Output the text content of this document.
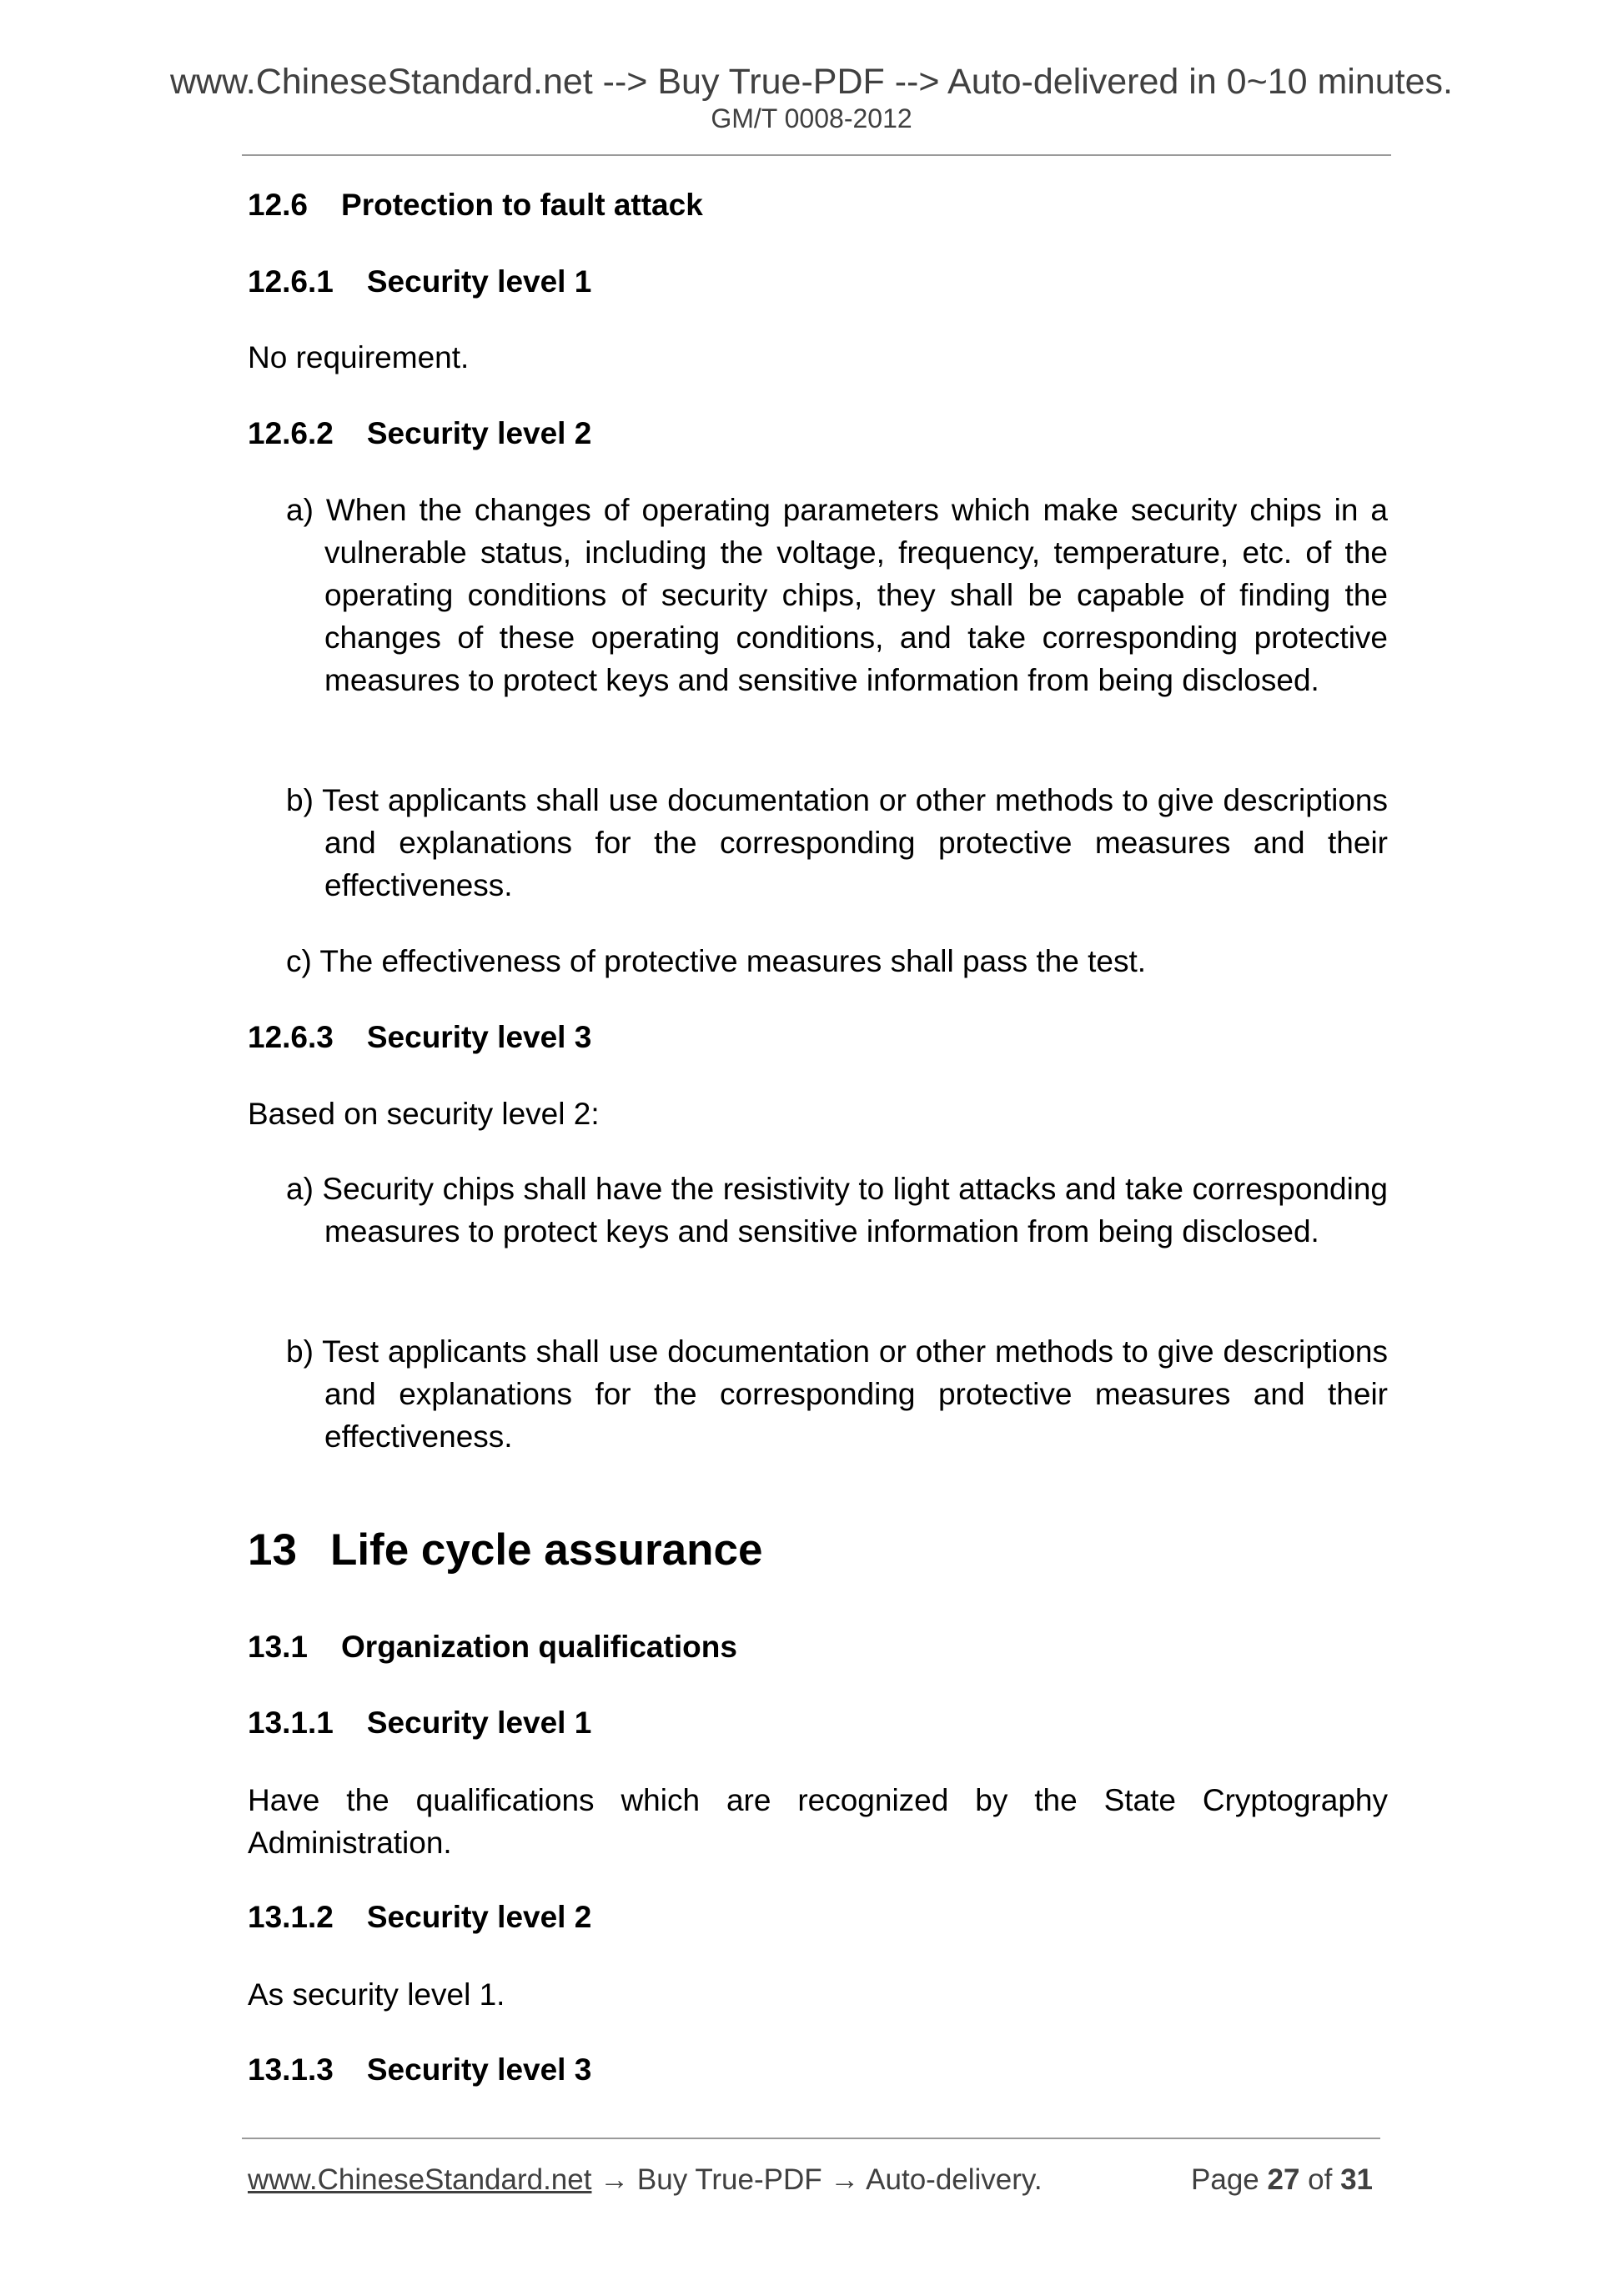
www.ChineseStandard.net --> Buy True-PDF --> Auto-delivered in 0~10 minutes.
GM/T 0008-2012
12.6 Protection to fault attack
12.6.1 Security level 1
No requirement.
12.6.2 Security level 2
a) When the changes of operating parameters which make security chips in a vulnerable status, including the voltage, frequency, temperature, etc. of the operating conditions of security chips, they shall be capable of finding the changes of these operating conditions, and take corresponding protective measures to protect keys and sensitive information from being disclosed.
b) Test applicants shall use documentation or other methods to give descriptions and explanations for the corresponding protective measures and their effectiveness.
c) The effectiveness of protective measures shall pass the test.
12.6.3 Security level 3
Based on security level 2:
a) Security chips shall have the resistivity to light attacks and take corresponding measures to protect keys and sensitive information from being disclosed.
b) Test applicants shall use documentation or other methods to give descriptions and explanations for the corresponding protective measures and their effectiveness.
13 Life cycle assurance
13.1 Organization qualifications
13.1.1 Security level 1
Have the qualifications which are recognized by the State Cryptography Administration.
13.1.2 Security level 2
As security level 1.
13.1.3 Security level 3
www.ChineseStandard.net → Buy True-PDF → Auto-delivery.	Page 27 of 31
